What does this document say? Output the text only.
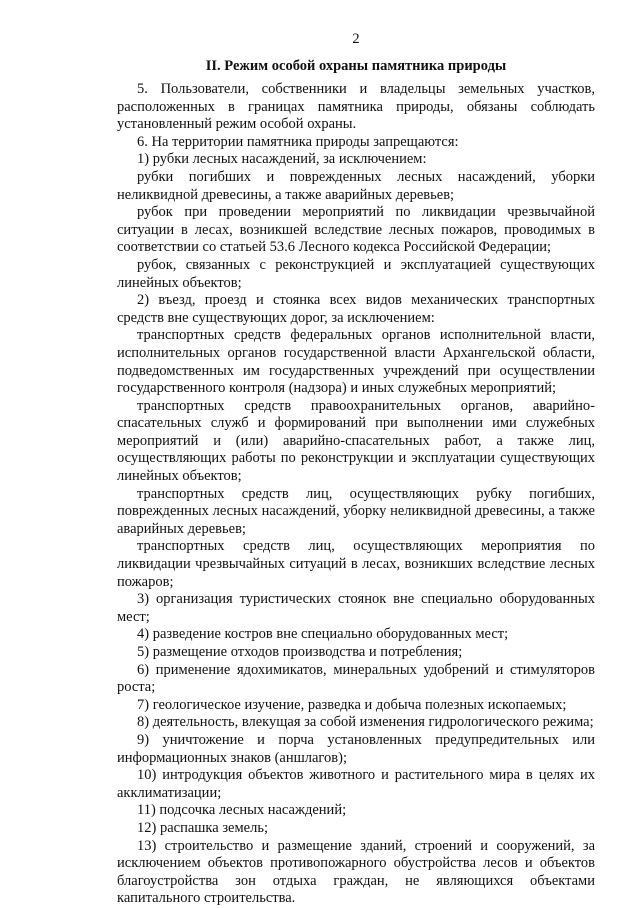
2
II. Режим особой охраны памятника природы

5. Пользователи, собственники и владельцы земельных участков, расположенных в границах памятника природы, обязаны соблюдать установленный режим особой охраны.

6. На территории памятника природы запрещаются:

1) рубки лесных насаждений, за исключением:

рубки погибших и поврежденных лесных насаждений, уборки неликвидной древесины, а также аварийных деревьев;

рубок при проведении мероприятий по ликвидации чрезвычайной ситуации в лесах, возникшей вследствие лесных пожаров, проводимых в соответствии со статьей 53.6 Лесного кодекса Российской Федерации;

рубок, связанных с реконструкцией и эксплуатацией существующих линейных объектов;

2) въезд, проезд и стоянка всех видов механических транспортных средств вне существующих дорог, за исключением:

транспортных средств федеральных органов исполнительной власти, исполнительных органов государственной власти Архангельской области, подведомственных им государственных учреждений при осуществлении государственного контроля (надзора) и иных служебных мероприятий;

транспортных средств правоохранительных органов, аварийно-спасательных служб и формирований при выполнении ими служебных мероприятий и (или) аварийно-спасательных работ, а также лиц, осуществляющих работы по реконструкции и эксплуатации существующих линейных объектов;

транспортных средств лиц, осуществляющих рубку погибших, поврежденных лесных насаждений, уборку неликвидной древесины, а также аварийных деревьев;

транспортных средств лиц, осуществляющих мероприятия по ликвидации чрезвычайных ситуаций в лесах, возникших вследствие лесных пожаров;

3) организация туристических стоянок вне специально оборудованных мест;

4) разведение костров вне специально оборудованных мест;

5) размещение отходов производства и потребления;

6) применение ядохимикатов, минеральных удобрений и стимуляторов роста;

7) геологическое изучение, разведка и добыча полезных ископаемых;

8) деятельность, влекущая за собой изменения гидрологического режима;

9) уничтожение и порча установленных предупредительных или информационных знаков (аншлагов);

10) интродукция объектов животного и растительного мира в целях их акклиматизации;

11) подсочка лесных насаждений;

12) распашка земель;

13) строительство и размещение зданий, строений и сооружений, за исключением объектов противопожарного обустройства лесов и объектов благоустройства зон отдыха граждан, не являющихся объектами капитального строительства.
